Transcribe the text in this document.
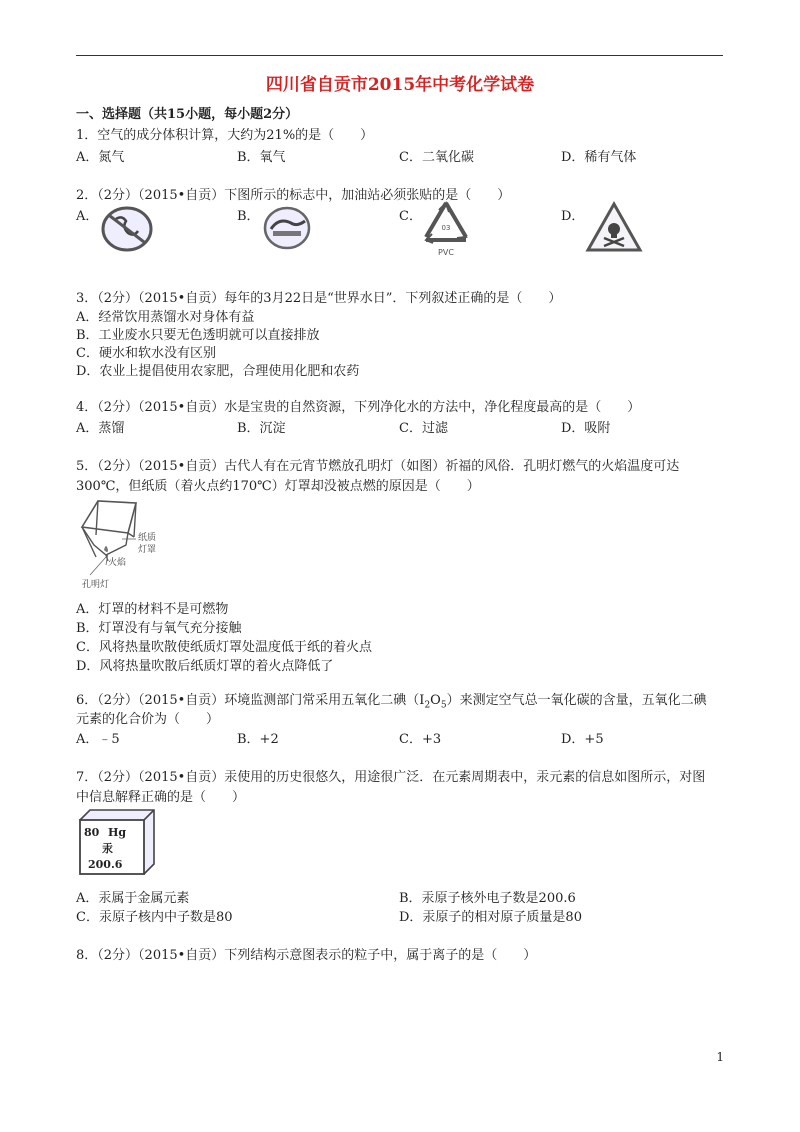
四川省自贡市2015年中考化学试卷
一、选择题（共15小题，每小题2分）
1．空气的成分体积计算，大约为21%的是（　　）
A．氮气	B．氧气	C．二氧化碳	D．稀有气体
2．（2分）（2015•自贡）下图所示的标志中，加油站必须张贴的是（　　）
A．	B．	C．	D．
03
PVC
3．（2分）（2015•自贡）每年的3月22日是“世界水日”．下列叙述正确的是（　　）
A．经常饮用蒸馏水对身体有益
B．工业废水只要无色透明就可以直接排放
C．硬水和软水没有区别
D．农业上提倡使用农家肥，合理使用化肥和农药
4．（2分）（2015•自贡）水是宝贵的自然资源，下列净化水的方法中，净化程度最高的是（　　）
A．蒸馏	B．沉淀	C．过滤	D．吸附
5．（2分）（2015•自贡）古代人有在元宵节燃放孔明灯（如图）祈福的风俗．孔明灯燃气的火焰温度可达
300℃，但纸质（着火点约170℃）灯罩却没被点燃的原因是（　　）
纸质
灯罩
火焰
孔明灯
A．灯罩的材料不是可燃物
B．灯罩没有与氧气充分接触
C．风将热量吹散使纸质灯罩处温度低于纸的着火点
D．风将热量吹散后纸质灯罩的着火点降低了
6．（2分）（2015•自贡）环境监测部门常采用五氧化二碘$(I_2O_5)$来测定空气总一氧化碳的含量，五氧化二碘
元素的化合价为（　　）
A．﹣5	B．+2	C．+3	D．+5
7．（2分）（2015•自贡）汞使用的历史很悠久，用途很广泛．在元素周期表中，汞元素的信息如图所示，对图
中信息解释正确的是（　　）
80 Hg
汞
200.6
A．汞属于金属元素	B．汞原子核外电子数是200.6
C．汞原子核内中子数是80	D．汞原子的相对原子质量是80
8．（2分）（2015•自贡）下列结构示意图表示的粒子中，属于离子的是（　　）
1
